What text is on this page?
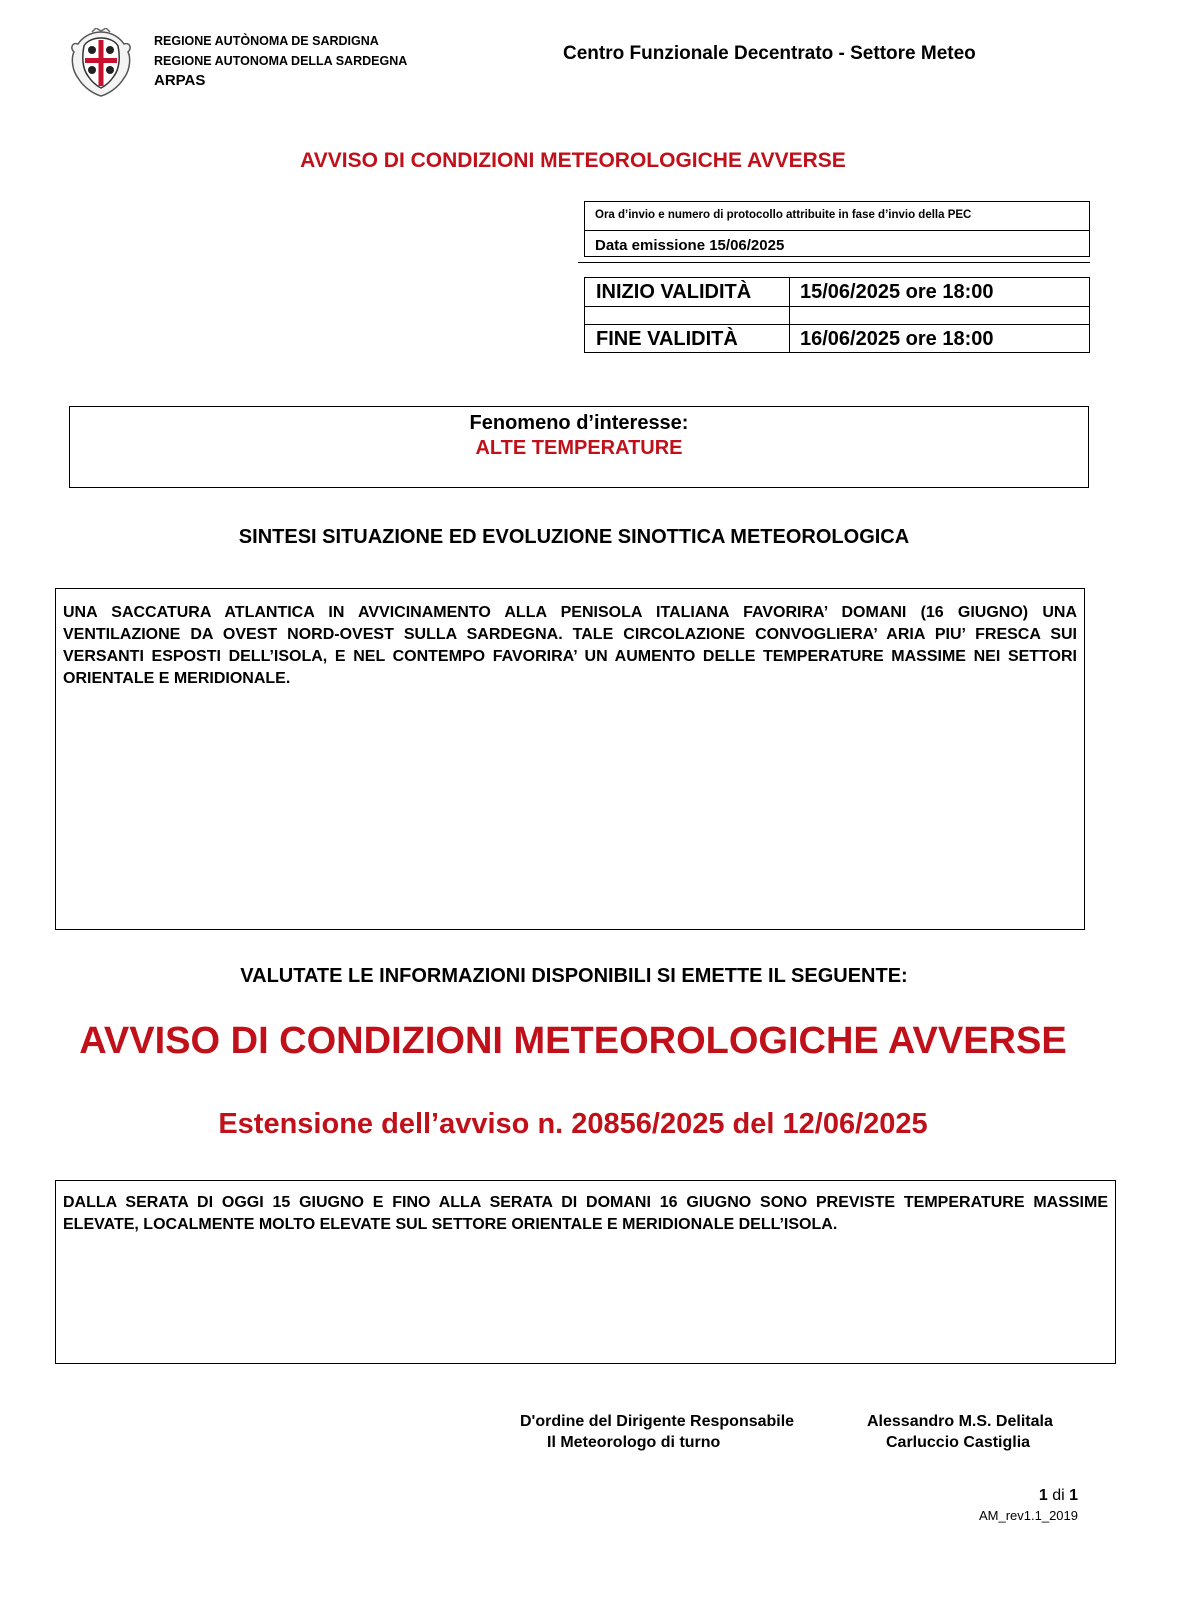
REGIONE AUTÒNOMA DE SARDIGNA
REGIONE AUTONOMA DELLA SARDEGNA
ARPAS
Centro Funzionale Decentrato - Settore Meteo
AVVISO DI CONDIZIONI METEOROLOGICHE AVVERSE
Ora d’invio e numero di protocollo attribuite in fase d’invio della PEC
Data emissione 15/06/2025
INIZIO VALIDITÀ 15/06/2025 ore 18:00
FINE VALIDITÀ	16/06/2025 ore 18:00
Fenomeno d’interesse:
ALTE TEMPERATURE
SINTESI SITUAZIONE ED EVOLUZIONE SINOTTICA METEOROLOGICA
UNA SACCATURA ATLANTICA IN AVVICINAMENTO ALLA PENISOLA ITALIANA FAVORIRA’ DOMANI (16 GIUGNO) UNA VENTILAZIONE DA OVEST NORD-OVEST SULLA SARDEGNA. TALE CIRCOLAZIONE CONVOGLIERA’ ARIA PIU’ FRESCA SUI VERSANTI ESPOSTI DELL’ISOLA, E NEL CONTEMPO FAVORIRA’ UN AUMENTO DELLE TEMPERATURE MASSIME NEI SETTORI ORIENTALE E MERIDIONALE.
VALUTATE LE INFORMAZIONI DISPONIBILI SI EMETTE IL SEGUENTE:
AVVISO DI CONDIZIONI METEOROLOGICHE AVVERSE
Estensione dell’avviso n. 20856/2025 del 12/06/2025
DALLA SERATA DI OGGI 15 GIUGNO E FINO ALLA SERATA DI DOMANI 16 GIUGNO SONO PREVISTE TEMPERATURE MASSIME ELEVATE, LOCALMENTE MOLTO ELEVATE SUL SETTORE ORIENTALE E MERIDIONALE DELL’ISOLA.
D'ordine del Dirigente Responsabile
Il Meteorologo di turno
Alessandro M.S. Delitala
Carluccio Castiglia
1 di 1
AM_rev1.1_2019
